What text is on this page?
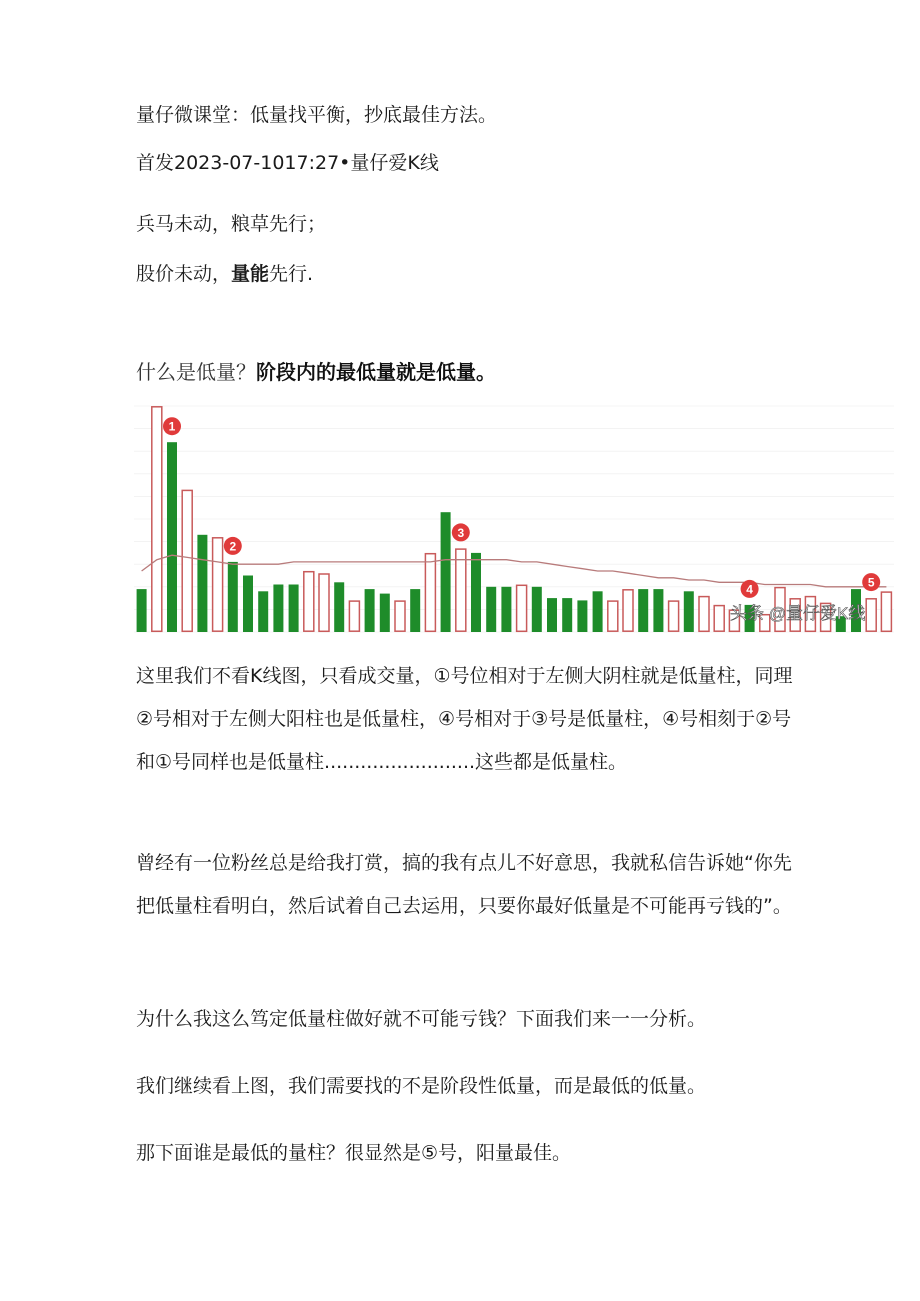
量仔微课堂：低量找平衡，抄底最佳方法。
首发2023-07-1017:27•量仔爱K线
兵马未动，粮草先行；
股价未动，量能先行.
什么是低量？阶段内的最低量就是低量。
1
2
3
4	5
头条 @量仔爱K线
这里我们不看K线图，只看成交量，①号位相对于左侧大阴柱就是低量柱，同理②号相对于左侧大阳柱也是低量柱，④号相对于③号是低量柱，④号相刻于②号和①号同样也是低量柱.........................这些都是低量柱。
曾经有一位粉丝总是给我打赏，搞的我有点儿不好意思，我就私信告诉她“你先把低量柱看明白，然后试着自己去运用，只要你最好低量是不可能再亏钱的”。
为什么我这么笃定低量柱做好就不可能亏钱？下面我们来一一分析。
我们继续看上图，我们需要找的不是阶段性低量，而是最低的低量。
那下面谁是最低的量柱？很显然是⑤号，阳量最佳。
